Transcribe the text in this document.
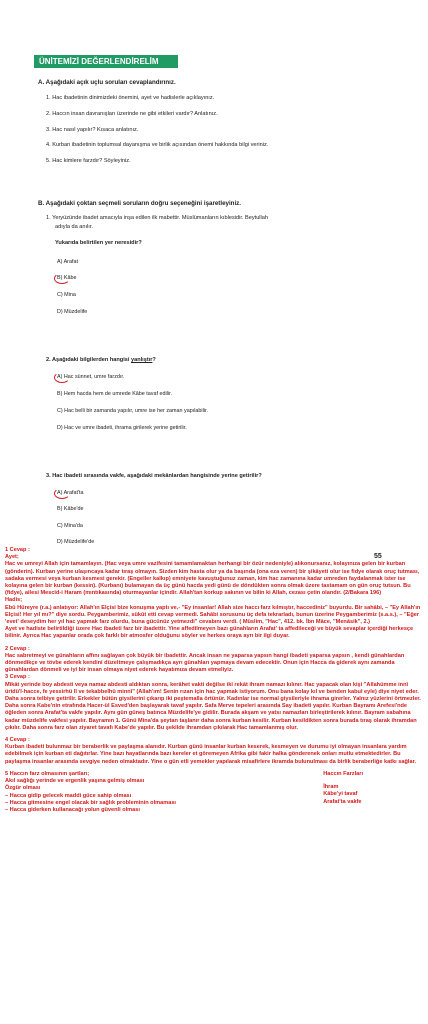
ÜNİTEMİZİ DEĞERLENDİRELİM
A. Aşağıdaki açık uçlu soruları cevaplandırınız.
1. Hac ibadetinin dinimizdeki önemini, ayet ve hadislerle açıklayınız.
2. Haccın insan davranışları üzerinde ne gibi etkileri vardır? Anlatınız.
3. Hac nasıl yapılır? Kısaca anlatınız.
4. Kurban ibadetinin toplumsal dayanışma ve birlik açısından önemi hakkında bilgi veriniz.
5. Hac kimlere farzdır? Söyleyiniz.
B. Aşağıdaki çoktan seçmeli soruların doğru seçeneğini işaretleyiniz.
1. Yeryüzünde ibadet amacıyla inşa edilen ilk mabettir. Müslümanların kıblesidir. Beytullah
adıyla da anılır.
Yukarıda belirtilen yer neresidir?
A) Arafat
B) Kâbe
C) Mina
D) Müzdelife
2. Aşağıdaki bilgilerden hangisi yanlıştır?
A) Hac sünnet, umre farzdır.
B) Hem hacda hem de umrede Kâbe tavaf edilir.
C) Hac belli bir zamanda yapılır, umre ise her zaman yapılabilir.
D) Hac ve umre ibadeti, ihrama girilerek yerine getirilir.
3. Hac ibadeti sırasında vakfe, aşağıdaki mekânlardan hangisinde yerine getirilir?
A) Arafat'ta
B) Kâbe'de
C) Mina'da
D) Müzdelife'de
55
1 Cevap :
Ayet;
Hac ve umreyi Allah için tamamlayın. (Hac veya umre vazifesini tamamlamaktan herhangi bir özür nedeniyle) alıkonursanız, kolayınıza gelen bir kurban (gönderin). Kurban yerine ulaşıncaya kadar tıraş olmayın. Sizden kim hasta olur ya da başında (ona eza veren) bir şikâyeti olur ise fidye olarak oruç tutması, sadaka vermesi veya kurban kesmesi gerekir. (Engeller kalkıp) emniyete kavuştuğunuz zaman, kim hac zamanına kadar umreden faydalanmak ister ise kolayına gelen bir kurban (kessin). (Kurbanı) bulamayan da üç günü hacda yedi günü de döndükten sonra olmak üzere tastamam on gün oruç tutsun. Bu (fidye), ailesi Mescid-i Haram (mıntıkasında) oturmayanlar içindir. Allah'tan korkup sakının ve bilin ki Allah, cezası çetin olandır. (2/Bakara 196)
Hadis;
Ebû Hüreyre (r.a.) anlatıyor: Allah'ın Elçisi bize konuşma yaptı ve,- "Ey insanlar! Allah size haccı farz kılmıştır, haccediniz" buyurdu. Bir sahâbi, – "Ey Allah'ın Elçisi! Her yıl mı?" diye sordu. Peygamberimiz, sükût etti cevap vermedi. Sahâbi sorusunu üç defa tekrarladı, bunun üzerine Peygamberimiz (s.a.s.), – "Eğer 'evet' deseydim her yıl hac yapmak farz olurdu, buna gücünüz yetmezdi" cevabını verdi. ( Müslim, "Hac", 412. bk. İbn Mâce, "Menâsik", 2.)
Ayet ve hadiste belirtildiği üzere Hac ibadeti farz bir ibadettir. Yine affedilmeyen bazı günahların Arafat' ta affedileceği ve büyük sevaplar içerdiği herkesçe bilinir. Ayrıca Hac yapanlar orada çok farklı bir atmosfer olduğunu söyler ve herkes oraya ayrı bir ilgi duyar.
2 Cevap :
Hac sabretmeyi ve günahların affını sağlayan çok büyük bir ibadettir. Ancak insan ne yaparsa yapsın hangi ibadeti yaparsa yapsın , kendi günahlardan dönmedikçe ve tövbe ederek kendini düzeltmeye çalışmadıkça ayrı günahları yapmaya devam edecektir. Onun için Hacca da giderek aynı zamanda günahlardan dönmeli ve iyi bir insan olmaya niyet ederek hayatımıza devam etmeliyiz.
3 Cevap :
Mîkât yerinde boy abdesti veya namaz abdesti aldıktan sonra, kerâhet vakti değilse iki rekât ihram namazı kılınır. Hac yapacak olan kişi "Allahümme innî ürîdü'l-hacce, fe yessirhü lî ve tekabbelhü minnî" (Allah'ım! Senin rızan için hac yapmak istiyorum. Onu bana kolay kıl ve benden kabul eyle) diye niyet eder. Daha sonra telbiye getirilir. Erkekler bütün giysilerini çıkarıp iki peştemalla örtünür. Kadınlar ise normal giysileriyle ihrama girerler. Yalnız yüzlerini örtmezler. Daha sonra Kabe'nin etrafında Hacer-ül Esved'den başlayarak tavaf yapılır. Safa Merve tepeleri arasında Say ibadeti yapılır. Kurban Bayramı Arefesi'nde öğleden sonra Arafat'ta vakfe yapılır. Aynı gün güneş batınca Müzdelife'ye gidilir. Burada akşam ve yatsı namazları birleştirilerek kılınır. Bayram sabahına kadar müzdelife vakfesi yapılır. Bayramın 1. Günü Mina'da şeytan taşlanır daha sonra kurban kesilir. Kurban kesildikten sonra burada tıraş olarak ihramdan çıkılır. Daha sonra farz olan ziyaret tavafı Kabe'de yapılır. Bu şekilde ihramdan çıkılarak Hac tamamlanmış olur.
4 Cevap :
Kurban ibadeti bulunmaz bir beraberlik ve paylaşma alanıdır. Kurban günü insanlar kurban keserek, kesmeyen ve durumu iyi olmayan insanlara yardım edebilmek için kurban eti dağıtırlar. Yine bazı hayatlarında bazı kereler et göremeyen Afrika gibi fakir halka gönderenek onları mutlu etmektedirler. Bu paylaşma insanlar arasında sevgiye neden olmaktadır. Yine o gün etli yemekler yapılarak misafirlere ikramda bulunulması da birlik beraberliğe katkı sağlar.
5 Haccın farz olmasının şartları;
Akıl sağlığı yerinde ve ergenlik yaşına gelmiş olması
Özgür olması
– Hacca gidip gelecek maddi güce sahip olması
– Hacca gitmesine engel olacak bir sağlık probleminin olmaması
– Hacca giderken kullanacağı yolun güvenli olması
Haccın Farzları
İhram
Kâbe'yi tavaf
Arafat'ta vakfe
